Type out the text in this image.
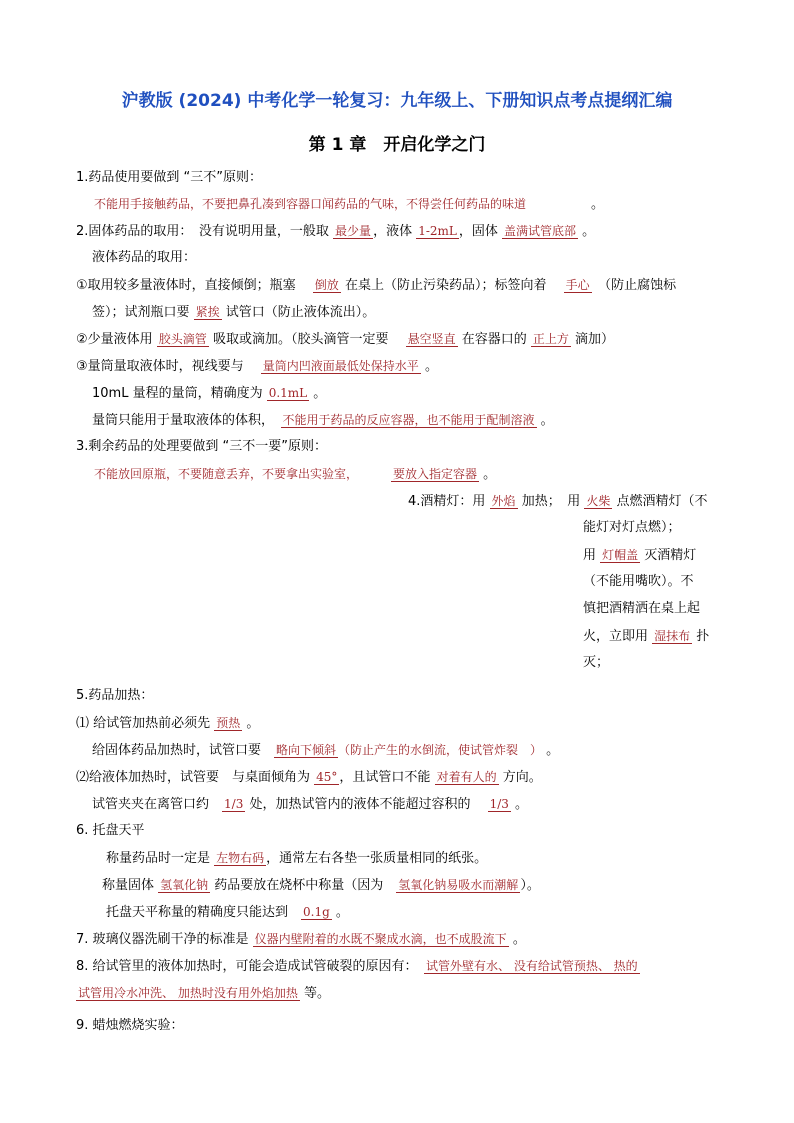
沪教版 (2024) 中考化学一轮复习：九年级上、下册知识点考点提纲汇编
第 1 章　开启化学之门
1.药品使用要做到 “三不”原则：
不能用手接触药品，不要把鼻孔凑到容器口闻药品的气味，不得尝任何药品的味道　　　　　。
2.固体药品的取用：　没有说明用量，一般取 最少量 ，液体 1-2mL ，固体 盖满试管底部 。
液体药品的取用：
①取用较多量液体时，直接倾倒；瓶塞　 倒放 在桌上（防止污染药品）；标签向着　 手心　（防止腐蚀标
签）；试剂瓶口要 紧挨 试管口（防止液体流出）。
②少量液体用 胶头滴管 吸取或滴加。（胶头滴管一定要　 悬空竖直 在容器口的 正上方 滴加）
③量筒量取液体时，视线要与　 量筒内凹液面最低处保持水平 。
10mL 量程的量筒，精确度为 0.1mL 。
量筒只能用于量取液体的体积，　不能用于药品的反应容器，也不能用于配制溶液 。
3.剩余药品的处理要做到 “三不一要”原则：
不能放回原瓶，不要随意丢弃，不要拿出实验室，　　　	要放入指定容器 。
4.酒精灯：用 外焰 加热；　用 火柴 点燃酒精灯（不
能灯对灯点燃）；
用 灯帽盖 灭酒精灯
（不能用嘴吹）。不
慎把酒精洒在桌上起
火，立即用 湿抹布 扑
灭；
5.药品加热：
⑴ 给试管加热前必须先 预热 。
给固体药品加热时，试管口要　略向下倾斜 （防止产生的水倒流，使试管炸裂　） 。
⑵给液体加热时，试管要　与桌面倾角为 45° ，且试管口不能 对着有人的 方向。
试管夹夹在离管口约　1/3 处，加热试管内的液体不能超过容积的　 1/3 。
6. 托盘天平
称量药品时一定是 左物右码 ，通常左右各垫一张质量相同的纸张。
称量固体 氢氧化钠 药品要放在烧杯中称量（因为　氢氧化钠易吸水而潮解 ）。
托盘天平称量的精确度只能达到　0.1g 。
7. 玻璃仪器洗刷干净的标准是 仪器内壁附着的水既不聚成水滴，也不成股流下 。
8. 给试管里的液体加热时，可能会造成试管破裂的原因有：　试管外壁有水、 没有给试管预热、 热的
试管用冷水冲洗、 加热时没有用外焰加热 等。
9. 蜡烛燃烧实验：
